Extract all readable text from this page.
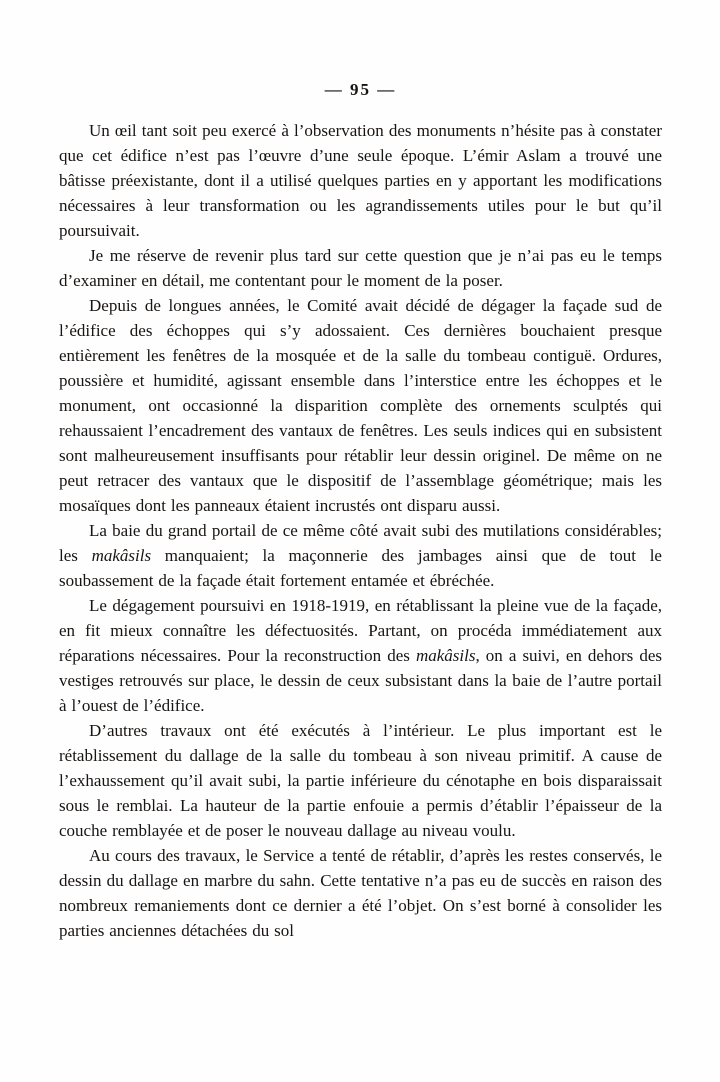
— 95 —

Un œil tant soit peu exercé à l’observation des monuments n’hésite pas à constater que cet édifice n’est pas l’œuvre d’une seule époque. L’émir Aslam a trouvé une bâtisse préexistante, dont il a utilisé quelques parties en y apportant les modifications nécessaires à leur transformation ou les agrandissements utiles pour le but qu’il poursuivait.

Je me réserve de revenir plus tard sur cette question que je n’ai pas eu le temps d’examiner en détail, me contentant pour le moment de la poser.

Depuis de longues années, le Comité avait décidé de dégager la façade sud de l’édifice des échoppes qui s’y adossaient. Ces dernières bouchaient presque entièrement les fenêtres de la mosquée et de la salle du tombeau contiguë. Ordures, poussière et humidité, agissant ensemble dans l’interstice entre les échoppes et le monument, ont occasionné la disparition complète des ornements sculptés qui rehaussaient l’encadrement des vantaux de fenêtres. Les seuls indices qui en subsistent sont malheureusement insuffisants pour rétablir leur dessin originel. De même on ne peut retracer des vantaux que le dispositif de l’assemblage géométrique; mais les mosaïques dont les panneaux étaient incrustés ont disparu aussi.

La baie du grand portail de ce même côté avait subi des mutilations considérables; les makâsils manquaient; la maçonnerie des jambages ainsi que de tout le soubassement de la façade était fortement entamée et ébréchée.

Le dégagement poursuivi en 1918-1919, en rétablissant la pleine vue de la façade, en fit mieux connaître les défectuosités. Partant, on procéda immédiatement aux réparations nécessaires. Pour la reconstruction des makâsils, on a suivi, en dehors des vestiges retrouvés sur place, le dessin de ceux subsistant dans la baie de l’autre portail à l’ouest de l’édifice.

D’autres travaux ont été exécutés à l’intérieur. Le plus important est le rétablissement du dallage de la salle du tombeau à son niveau primitif. A cause de l’exhaussement qu’il avait subi, la partie inférieure du cénotaphe en bois disparaissait sous le remblai. La hauteur de la partie enfouie a permis d’établir l’épaisseur de la couche remblayée et de poser le nouveau dallage au niveau voulu.

Au cours des travaux, le Service a tenté de rétablir, d’après les restes conservés, le dessin du dallage en marbre du sahn. Cette tentative n’a pas eu de succès en raison des nombreux remaniements dont ce dernier a été l’objet. On s’est borné à consolider les parties anciennes détachées du sol
